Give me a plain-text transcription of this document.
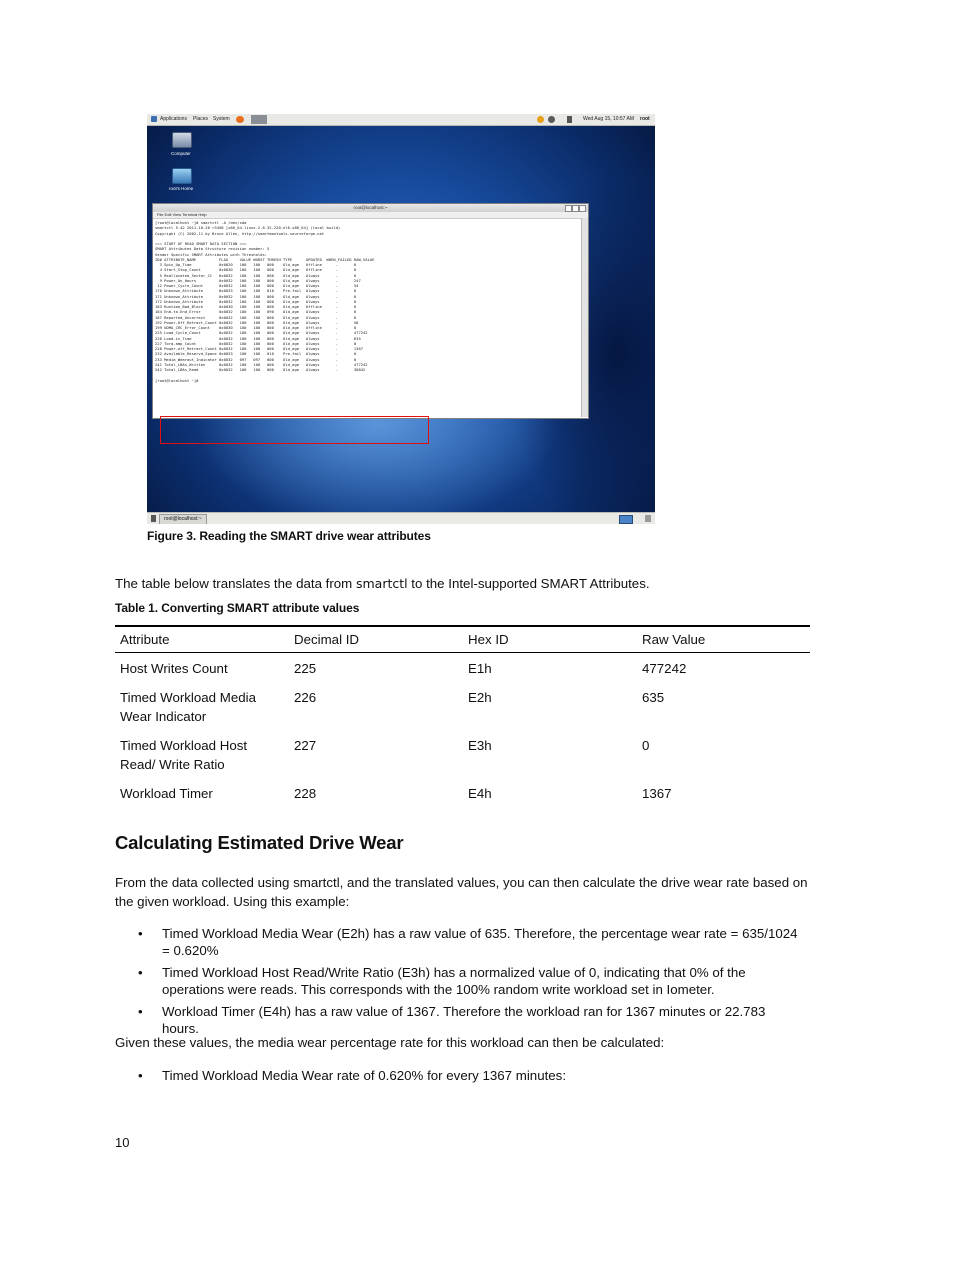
Computer
root's Home
root@localhost:~
File Edit View Terminal Help
[root@localhost ~]# smartctl -A /dev/sda
smartctl 5.42 2011-10-20 r3458 [x86_64-linux-2.6.32-220.el6.x86_64] (local build)
Copyright (C) 2002-11 by Bruce Allen, http://smartmontools.sourceforge.net

=== START OF READ SMART DATA SECTION ===
SMART Attributes Data Structure revision number: 5
Vendor Specific SMART Attributes with Thresholds:
ID# ATTRIBUTE_NAME          FLAG     VALUE WORST THRESH TYPE      UPDATED  WHEN_FAILED RAW_VALUE
3 Spin_Up_Time            0x0020   100   100   000    Old_age   Offline      -       0
4 Start_Stop_Count        0x0030   100   100   000    Old_age   Offline      -       0
5 Reallocated_Sector_Ct   0x0032   100   100   000    Old_age   Always       -       0
9 Power_On_Hours          0x0032   100   100   000    Old_age   Always       -       247
12 Power_Cycle_Count       0x0032   100   100   000    Old_age   Always       -       54
170 Unknown_Attribute       0x0033   100   100   010    Pre-fail  Always       -       0
171 Unknown_Attribute       0x0032   100   100   000    Old_age   Always       -       0
172 Unknown_Attribute       0x0032   100   100   000    Old_age   Always       -       0
183 Runtime_Bad_Block       0x0030   100   100   000    Old_age   Offline      -       0
184 End-to-End_Error        0x0032   100   100   090    Old_age   Always       -       0
187 Reported_Uncorrect      0x0032   100   100   000    Old_age   Always       -       0
192 Power-Off_Retract_Count 0x0032   100   100   000    Old_age   Always       -       58
199 UDMA_CRC_Error_Count    0x0030   100   100   000    Old_age   Offline      -       0
225 Load_Cycle_Count        0x0032   100   100   000    Old_age   Always       -       477242
226 Load-in_Time            0x0032   100   100   000    Old_age   Always       -       635
227 Torq-amp_Count          0x0032   100   100   000    Old_age   Always       -       0
228 Power-off_Retract_Count 0x0032   100   100   000    Old_age   Always       -       1367
232 Available_Reservd_Space 0x0033   100   100   010    Pre-fail  Always       -       0
233 Media_Wearout_Indicator 0x0032   097   097   000    Old_age   Always       -       0
241 Total_LBAs_Written      0x0032   100   100   000    Old_age   Always       -       477242
242 Total_LBAs_Read         0x0032   100   100   000    Old_age   Always       -       30842

[root@localhost ~]#
Applications Places System	Wed Aug 15, 10:57 AM root
root@localhost:~
Figure 3. Reading the SMART drive wear attributes
The table below translates the data from smartctl to the Intel-supported SMART Attributes.
Table 1. Converting SMART attribute values
Attribute	Decimal ID	Hex ID	Raw Value
Host Writes Count	225	E1h	477242
Timed Workload Media Wear Indicator	226	E2h	635
Timed Workload Host Read/ Write Ratio	227	E3h	0
Workload Timer	228	E4h	1367
Calculating Estimated Drive Wear
From the data collected using smartctl, and the translated values, you can then calculate the drive wear rate based on the given workload. Using this example:
• Timed Workload Media Wear (E2h) has a raw value of 635. Therefore, the percentage wear rate = 635/1024 = 0.620%
• Timed Workload Host Read/Write Ratio (E3h) has a normalized value of 0, indicating that 0% of the operations were reads. This corresponds with the 100% random write workload set in Iometer.
• Workload Timer (E4h) has a raw value of 1367. Therefore the workload ran for 1367 minutes or 22.783 hours.
Given these values, the media wear percentage rate for this workload can then be calculated:
• Timed Workload Media Wear rate of 0.620% for every 1367 minutes:
10
